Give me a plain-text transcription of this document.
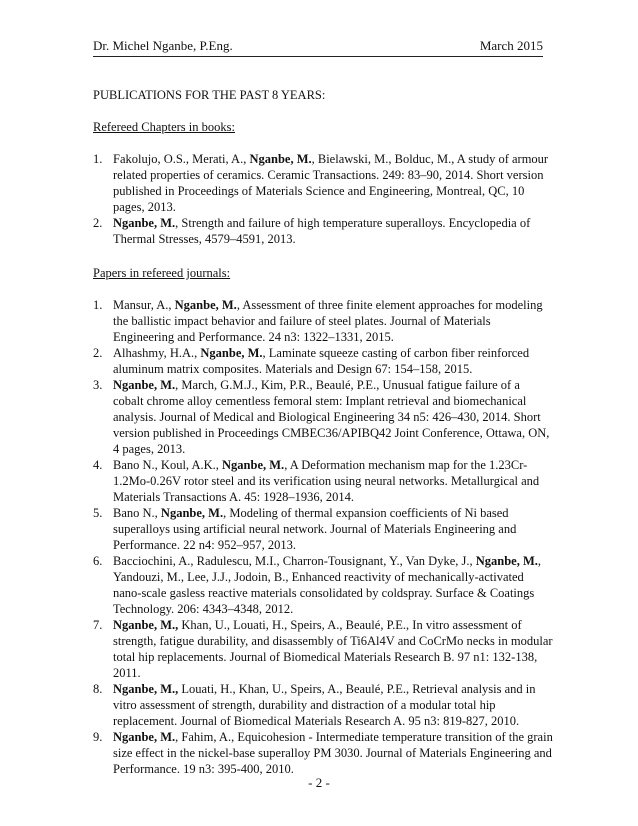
Dr. Michel Nganbe, P.Eng.	March 2015

PUBLICATIONS FOR THE PAST 8 YEARS:

Refereed Chapters in books:

1. Fakolujo, O.S., Merati, A., Nganbe, M., Bielawski, M., Bolduc, M., A study of armour related properties of ceramics. Ceramic Transactions. 249: 83–90, 2014. Short version published in Proceedings of Materials Science and Engineering, Montreal, QC, 10 pages, 2013.
2. Nganbe, M., Strength and failure of high temperature superalloys. Encyclopedia of Thermal Stresses, 4579–4591, 2013.

Papers in refereed journals:

1. Mansur, A., Nganbe, M., Assessment of three finite element approaches for modeling the ballistic impact behavior and failure of steel plates. Journal of Materials Engineering and Performance. 24 n3: 1322–1331, 2015.
2. Alhashmy, H.A., Nganbe, M., Laminate squeeze casting of carbon fiber reinforced aluminum matrix composites. Materials and Design 67: 154–158, 2015.
3. Nganbe, M., March, G.M.J., Kim, P.R., Beaulé, P.E., Unusual fatigue failure of a cobalt chrome alloy cementless femoral stem: Implant retrieval and biomechanical analysis. Journal of Medical and Biological Engineering 34 n5: 426–430, 2014. Short version published in Proceedings CMBEC36/APIBQ42 Joint Conference, Ottawa, ON, 4 pages, 2013.
4. Bano N., Koul, A.K., Nganbe, M., A Deformation mechanism map for the 1.23Cr-1.2Mo-0.26V rotor steel and its verification using neural networks. Metallurgical and Materials Transactions A. 45: 1928–1936, 2014.
5. Bano N., Nganbe, M., Modeling of thermal expansion coefficients of Ni based superalloys using artificial neural network. Journal of Materials Engineering and Performance. 22 n4: 952–957, 2013.
6. Bacciochini, A., Radulescu, M.I., Charron-Tousignant, Y., Van Dyke, J., Nganbe, M., Yandouzi, M., Lee, J.J., Jodoin, B., Enhanced reactivity of mechanically-activated nano-scale gasless reactive materials consolidated by coldspray. Surface & Coatings Technology. 206: 4343–4348, 2012.
7. Nganbe, M., Khan, U., Louati, H., Speirs, A., Beaulé, P.E., In vitro assessment of strength, fatigue durability, and disassembly of Ti6Al4V and CoCrMo necks in modular total hip replacements. Journal of Biomedical Materials Research B. 97 n1: 132-138, 2011.
8. Nganbe, M., Louati, H., Khan, U., Speirs, A., Beaulé, P.E., Retrieval analysis and in vitro assessment of strength, durability and distraction of a modular total hip replacement. Journal of Biomedical Materials Research A. 95 n3: 819-827, 2010.
9. Nganbe, M., Fahim, A., Equicohesion - Intermediate temperature transition of the grain size effect in the nickel-base superalloy PM 3030. Journal of Materials Engineering and Performance. 19 n3: 395-400, 2010.
- 2 -
